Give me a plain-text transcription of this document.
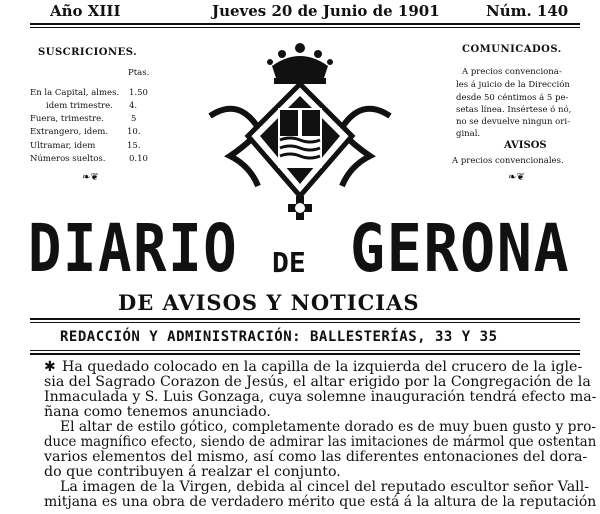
Año XIII	Jueves 20 de Junio de 1901	Núm. 140
SUSCRICIONES.
Ptas.
En la Capital, almes. 1.50
idem trimestre. 4.
Fuera, trimestre.	5
Extrangero, idem. 10.
Ultramar, idem	15.
Números sueltos.	0.10
❧❦
COMUNICADOS.
A precios convenciona-
les á juicio de la Dirección
desde 50 céntimos á 5 pe-
setas línea. Insértese ó nó,
no se devuelve ningun ori-
ginal.
AVISOS
A precios convencionales.
❧❦
DIARIO DE GERONA
DE AVISOS Y NOTICIAS
REDACCIÓN Y ADMINISTRACIÓN: BALLESTERÍAS, 33 Y 35
✱ Ha quedado colocado en la capilla de la izquierda del crucero de la igle-
sia del Sagrado Corazon de Jesús, el altar erigido por la Congregación de la
Inmaculada y S. Luis Gonzaga, cuya solemne inauguración tendrá efecto ma-
ñana como tenemos anunciado.
El altar de estilo gótico, completamente dorado es de muy buen gusto y pro-
duce magnífico efecto, siendo de admirar las imitaciones de mármol que ostentan
varios elementos del mismo, así como las diferentes entonaciones del dora-
do que contribuyen á realzar el conjunto.
La imagen de la Virgen, debida al cincel del reputado escultor señor Vall-
mitjana es una obra de verdadero mérito que está á la altura de la reputación
